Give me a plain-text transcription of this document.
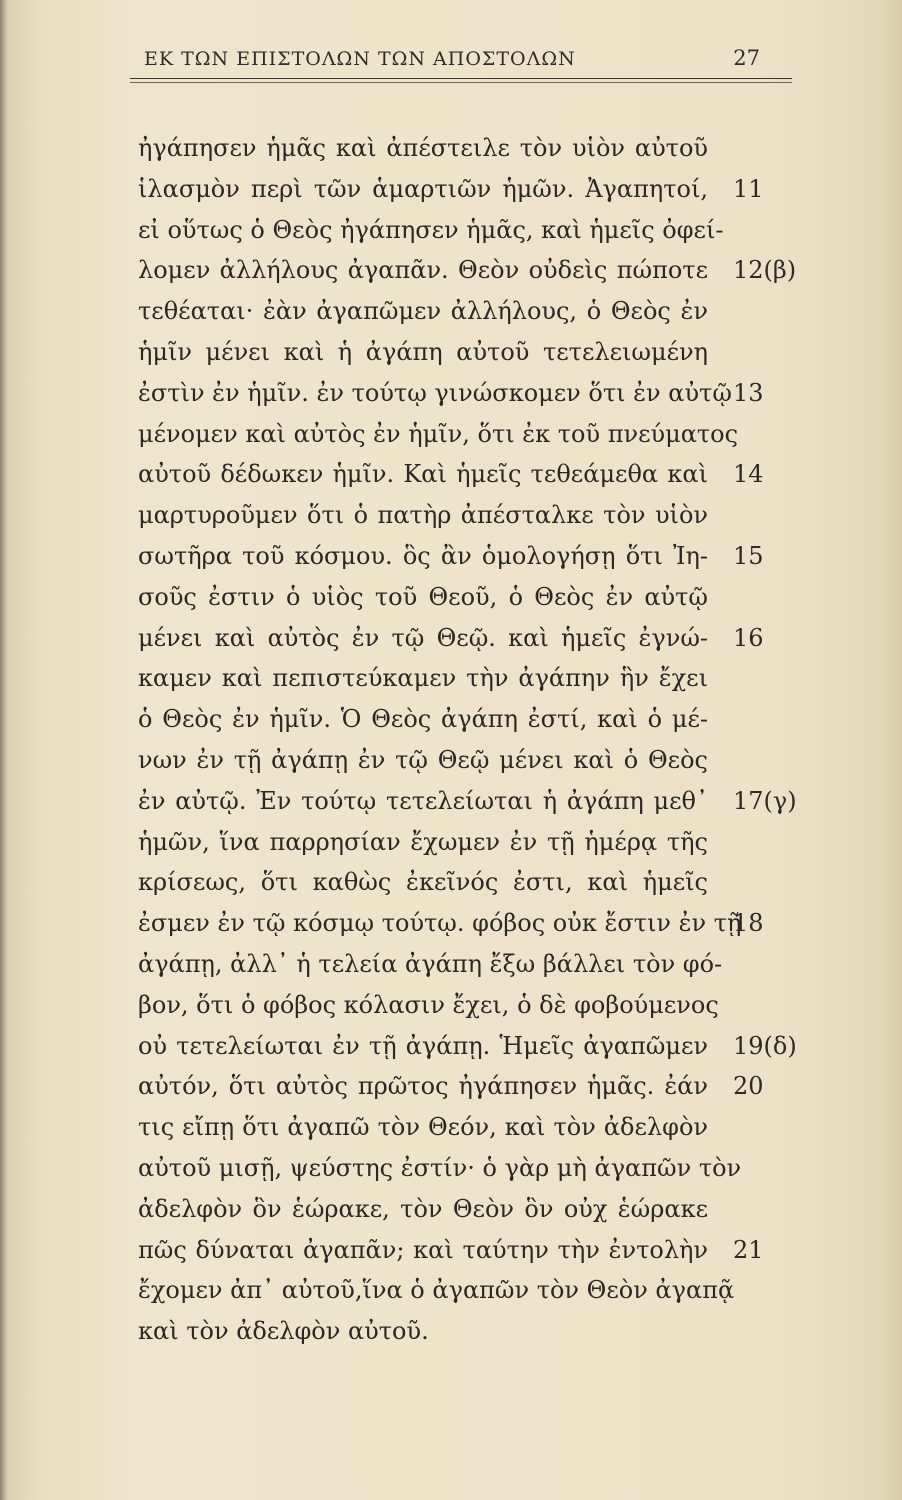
ΕΚ ΤΩΝ ΕΠΙΣΤΟΛΩΝ ΤΩΝ ΑΠΟΣΤΟΛΩΝ	27
ἠγάπησεν ἡμᾶς καὶ ἀπέστειλε τὸν υἱὸν αὐτοῦ
ἱλασμὸν περὶ τῶν ἁμαρτιῶν ἡμῶν. Ἀγαπητοί,
εἰ οὕτως ὁ Θεὸς ἠγάπησεν ἡμᾶς, καὶ ἡμεῖς ὀφεί-
λομεν ἀλλήλους ἀγαπᾶν. Θεὸν οὐδεὶς πώποτε
τεθέαται· ἐὰν ἀγαπῶμεν ἀλλήλους, ὁ Θεὸς ἐν
ἡμῖν μένει καὶ ἡ ἀγάπη αὐτοῦ τετελειωμένη
ἐστὶν ἐν ἡμῖν. ἐν τούτῳ γινώσκομεν ὅτι ἐν αὐτῷ
μένομεν καὶ αὐτὸς ἐν ἡμῖν, ὅτι ἐκ τοῦ πνεύματος
αὐτοῦ δέδωκεν ἡμῖν. Καὶ ἡμεῖς τεθεάμεθα καὶ
μαρτυροῦμεν ὅτι ὁ πατὴρ ἀπέσταλκε τὸν υἱὸν
σωτῆρα τοῦ κόσμου. ὃς ἂν ὁμολογήσῃ ὅτι Ἰη-
σοῦς ἐστιν ὁ υἱὸς τοῦ Θεοῦ, ὁ Θεὸς ἐν αὐτῷ
μένει καὶ αὐτὸς ἐν τῷ Θεῷ. καὶ ἡμεῖς ἐγνώ-
καμεν καὶ πεπιστεύκαμεν τὴν ἀγάπην ἣν ἔχει
ὁ Θεὸς ἐν ἡμῖν. Ὁ Θεὸς ἀγάπη ἐστί, καὶ ὁ μέ-
νων ἐν τῇ ἀγάπῃ ἐν τῷ Θεῷ μένει καὶ ὁ Θεὸς
ἐν αὐτῷ. Ἐν τούτῳ τετελείωται ἡ ἀγάπη μεθ᾽
ἡμῶν, ἵνα παρρησίαν ἔχωμεν ἐν τῇ ἡμέρᾳ τῆς
κρίσεως, ὅτι καθὼς ἐκεῖνός ἐστι, καὶ ἡμεῖς
ἐσμεν ἐν τῷ κόσμῳ τούτῳ. φόβος οὐκ ἔστιν ἐν τῇ
ἀγάπῃ, ἀλλ᾽ ἡ τελεία ἀγάπη ἔξω βάλλει τὸν φό-
βον, ὅτι ὁ φόβος κόλασιν ἔχει, ὁ δὲ φοβούμενος
οὐ τετελείωται ἐν τῇ ἀγάπῃ. Ἡμεῖς ἀγαπῶμεν
αὐτόν, ὅτι αὐτὸς πρῶτος ἠγάπησεν ἡμᾶς. ἐάν
τις εἴπῃ ὅτι ἀγαπῶ τὸν Θεόν, καὶ τὸν ἀδελφὸν
αὐτοῦ μισῇ, ψεύστης ἐστίν· ὁ γὰρ μὴ ἀγαπῶν τὸν
ἀδελφὸν ὃν ἑώρακε, τὸν Θεὸν ὃν οὐχ ἑώρακε
πῶς δύναται ἀγαπᾶν; καὶ ταύτην τὴν ἐντολὴν
ἔχομεν ἀπ᾽ αὐτοῦ,ἵνα ὁ ἀγαπῶν τὸν Θεὸν ἀγαπᾷ
καὶ τὸν ἀδελφὸν αὐτοῦ.
11
12(β)
13
14
15
16
17(γ)
18
19(δ)
20
21
